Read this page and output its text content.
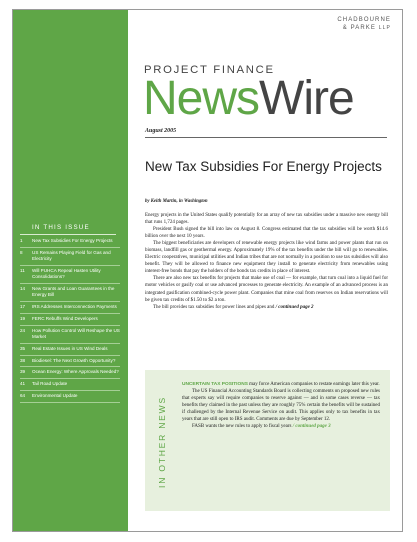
IN THIS ISSUE
1	New Tax Subsidies For Energy Projects
8	US Remains Playing Field for Gas and Electricity
11	Will PUHCA Repeal Hasten Utility Consolidations?
14	New Grants and Loan Guarantees in the Energy Bill
17	IRS Addresses Interconnection Payments
19	FERC Rebuffs Wind Developers
24	How Pollution Control Will Reshape the US Market
35	Real Estate Issues in US Wind Deals
38	Biodiesel: The Next Growth Opportunity?
39	Ocean Energy: Where Approvals Needed?
41	Tail Road Update
64	Environmental Update
CHADBOURNE
& PARKE LLP
PROJECT FINANCE
NewsWire
August 2005
New Tax Subsidies For Energy Projects
by Keith Martin, in Washington

Energy projects in the United States qualify potentially for an array of new tax subsidies under a massive new energy bill that runs 1,724 pages.

President Bush signed the bill into law on August 8. Congress estimated that the tax subsidies will be worth $14.6 billion over the next 10 years.

The biggest beneficiaries are developers of renewable energy projects like wind farms and power plants that run on biomass, landfill gas or geothermal energy. Approximately 19% of the tax benefits under the bill will go to renewables. Electric cooperatives, municipal utilities and Indian tribes that are not normally in a position to use tax subsidies will also benefit. They will be allowed to finance new equipment they install to generate electricity from renewables using interest-free bonds that pay the holders of the bonds tax credits in place of interest.

There are also new tax benefits for projects that make use of coal — for example, that turn coal into a liquid fuel for motor vehicles or gasify coal or use advanced processes to generate electricity. An example of an advanced process is an integrated gasification combined-cycle power plant. Companies that mine coal from reserves on Indian reservations will be given tax credits of $1.50 to $2 a ton.

The bill provides tax subsidies for power lines and pipes and / continued page 2

IN OTHER NEWS

UNCERTAIN TAX POSITIONS may force American companies to restate earnings later this year.

The US Financial Accounting Standards Board is collecting comments on proposed new rules that experts say will require companies to reserve against — and in some cases reverse — tax benefits they claimed in the past unless they are roughly 75% certain the benefits will be sustained if challenged by the Internal Revenue Service on audit. This applies only to tax benefits in tax years that are still open to IRS audit. Comments are due by September 12.

FASB wants the new rules to apply to fiscal years / continued page 3
